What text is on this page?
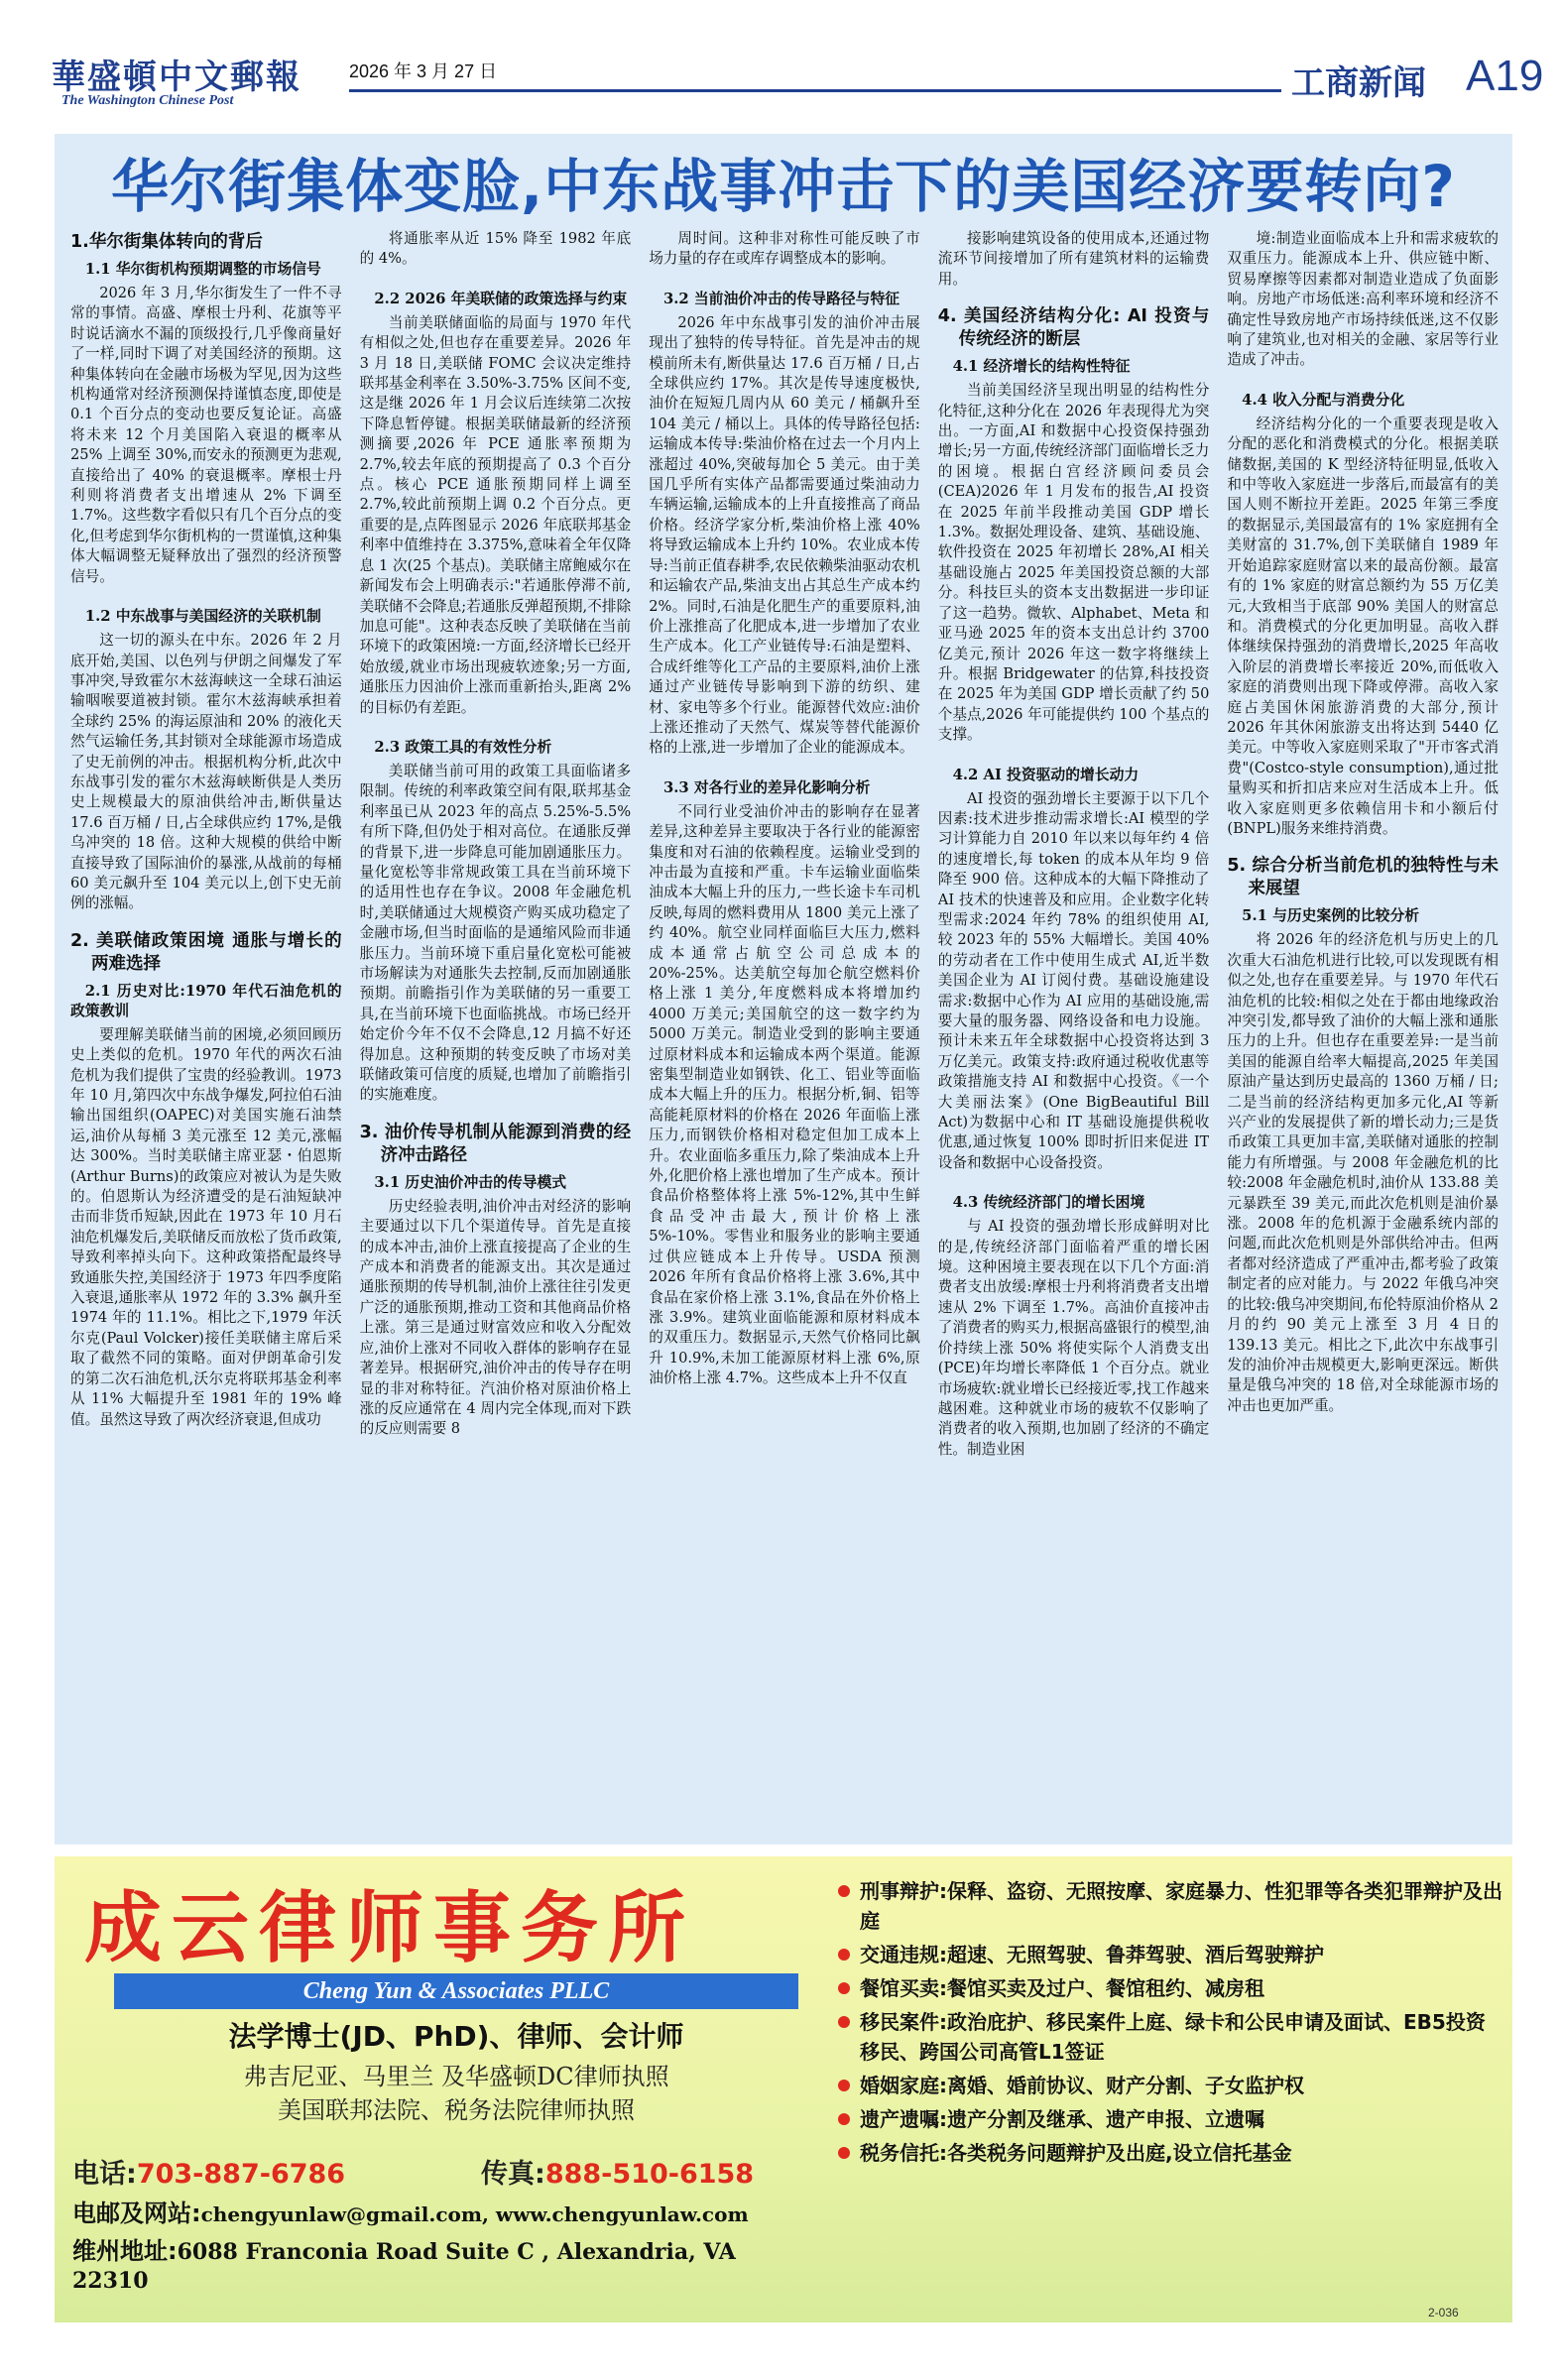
華盛頓中文郵報
The Washington Chinese Post
2026 年 3 月 27 日	工商新闻 A19
华尔街集体变脸,中东战事冲击下的美国经济要转向?
1.华尔街集体转向的背后
1.1 华尔街机构预期调整的市场信号

2026 年 3 月,华尔街发生了一件不寻常的事情。高盛、摩根士丹利、花旗等平时说话滴水不漏的顶级投行,几乎像商量好了一样,同时下调了对美国经济的预期。这种集体转向在金融市场极为罕见,因为这些机构通常对经济预测保持谨慎态度,即使是 0.1 个百分点的变动也要反复论证。高盛将未来 12 个月美国陷入衰退的概率从 25% 上调至 30%,而安永的预测更为悲观,直接给出了 40% 的衰退概率。摩根士丹利则将消费者支出增速从 2% 下调至 1.7%。这些数字看似只有几个百分点的变化,但考虑到华尔街机构的一贯谨慎,这种集体大幅调整无疑释放出了强烈的经济预警信号。

1.2 中东战事与美国经济的关联机制

这一切的源头在中东。2026 年 2 月底开始,美国、以色列与伊朗之间爆发了军事冲突,导致霍尔木兹海峡这一全球石油运输咽喉要道被封锁。霍尔木兹海峡承担着全球约 25% 的海运原油和 20% 的液化天然气运输任务,其封锁对全球能源市场造成了史无前例的冲击。根据机构分析,此次中东战事引发的霍尔木兹海峡断供是人类历史上规模最大的原油供给冲击,断供量达 17.6 百万桶 / 日,占全球供应约 17%,是俄乌冲突的 18 倍。这种大规模的供给中断直接导致了国际油价的暴涨,从战前的每桶 60 美元飙升至 104 美元以上,创下史无前例的涨幅。

2. 美联储政策困境 通胀与增长的两难选择
2.1 历史对比:1970 年代石油危机的政策教训

要理解美联储当前的困境,必须回顾历史上类似的危机。1970 年代的两次石油危机为我们提供了宝贵的经验教训。1973 年 10 月,第四次中东战争爆发,阿拉伯石油输出国组织(OAPEC)对美国实施石油禁运,油价从每桶 3 美元涨至 12 美元,涨幅达 300%。当时美联储主席亚瑟・伯恩斯(Arthur Burns)的政策应对被认为是失败的。伯恩斯认为经济遭受的是石油短缺冲击而非货币短缺,因此在 1973 年 10 月石油危机爆发后,美联储反而放松了货币政策,导致利率掉头向下。这种政策搭配最终导致通胀失控,美国经济于 1973 年四季度陷入衰退,通胀率从 1972 年的 3.3% 飙升至 1974 年的 11.1%。相比之下,1979 年沃尔克(Paul Volcker)接任美联储主席后采取了截然不同的策略。面对伊朗革命引发的第二次石油危机,沃尔克将联邦基金利率从 11% 大幅提升至 1981 年的 19% 峰值。虽然这导致了两次经济衰退,但成功

将通胀率从近 15% 降至 1982 年底的 4%。

2.2 2026 年美联储的政策选择与约束

当前美联储面临的局面与 1970 年代有相似之处,但也存在重要差异。2026 年 3 月 18 日,美联储 FOMC 会议决定维持联邦基金利率在 3.50%-3.75% 区间不变,这是继 2026 年 1 月会议后连续第二次按下降息暂停键。根据美联储最新的经济预测摘要,2026 年 PCE 通胀率预期为 2.7%,较去年底的预期提高了 0.3 个百分点。核心 PCE 通胀预期同样上调至 2.7%,较此前预期上调 0.2 个百分点。更重要的是,点阵图显示 2026 年底联邦基金利率中值维持在 3.375%,意味着全年仅降息 1 次(25 个基点)。美联储主席鲍威尔在新闻发布会上明确表示:"若通胀停滞不前,美联储不会降息;若通胀反弹超预期,不排除加息可能"。这种表态反映了美联储在当前环境下的政策困境:一方面,经济增长已经开始放缓,就业市场出现疲软迹象;另一方面,通胀压力因油价上涨而重新抬头,距离 2% 的目标仍有差距。

2.3 政策工具的有效性分析

美联储当前可用的政策工具面临诸多限制。传统的利率政策空间有限,联邦基金利率虽已从 2023 年的高点 5.25%-5.5% 有所下降,但仍处于相对高位。在通胀反弹的背景下,进一步降息可能加剧通胀压力。量化宽松等非常规政策工具在当前环境下的适用性也存在争议。2008 年金融危机时,美联储通过大规模资产购买成功稳定了金融市场,但当时面临的是通缩风险而非通胀压力。当前环境下重启量化宽松可能被市场解读为对通胀失去控制,反而加剧通胀预期。前瞻指引作为美联储的另一重要工具,在当前环境下也面临挑战。市场已经开始定价今年不仅不会降息,12 月搞不好还得加息。这种预期的转变反映了市场对美联储政策可信度的质疑,也增加了前瞻指引的实施难度。

3. 油价传导机制从能源到消费的经济冲击路径
3.1 历史油价冲击的传导模式

历史经验表明,油价冲击对经济的影响主要通过以下几个渠道传导。首先是直接的成本冲击,油价上涨直接提高了企业的生产成本和消费者的能源支出。其次是通过通胀预期的传导机制,油价上涨往往引发更广泛的通胀预期,推动工资和其他商品价格上涨。第三是通过财富效应和收入分配效应,油价上涨对不同收入群体的影响存在显著差异。根据研究,油价冲击的传导存在明显的非对称特征。汽油价格对原油价格上涨的反应通常在 4 周内完全体现,而对下跌的反应则需要 8

周时间。这种非对称性可能反映了市场力量的存在或库存调整成本的影响。

3.2 当前油价冲击的传导路径与特征

2026 年中东战事引发的油价冲击展现出了独特的传导特征。首先是冲击的规模前所未有,断供量达 17.6 百万桶 / 日,占全球供应约 17%。其次是传导速度极快,油价在短短几周内从 60 美元 / 桶飙升至 104 美元 / 桶以上。具体的传导路径包括:运输成本传导:柴油价格在过去一个月内上涨超过 40%,突破每加仑 5 美元。由于美国几乎所有实体产品都需要通过柴油动力车辆运输,运输成本的上升直接推高了商品价格。经济学家分析,柴油价格上涨 40% 将导致运输成本上升约 10%。农业成本传导:当前正值春耕季,农民依赖柴油驱动农机和运输农产品,柴油支出占其总生产成本约 2%。同时,石油是化肥生产的重要原料,油价上涨推高了化肥成本,进一步增加了农业生产成本。化工产业链传导:石油是塑料、合成纤维等化工产品的主要原料,油价上涨通过产业链传导影响到下游的纺织、建材、家电等多个行业。能源替代效应:油价上涨还推动了天然气、煤炭等替代能源价格的上涨,进一步增加了企业的能源成本。

3.3 对各行业的差异化影响分析

不同行业受油价冲击的影响存在显著差异,这种差异主要取决于各行业的能源密集度和对石油的依赖程度。运输业受到的冲击最为直接和严重。卡车运输业面临柴油成本大幅上升的压力,一些长途卡车司机反映,每周的燃料费用从 1800 美元上涨了约 40%。航空业同样面临巨大压力,燃料成本通常占航空公司总成本的 20%-25%。达美航空每加仑航空燃料价格上涨 1 美分,年度燃料成本将增加约 4000 万美元;美国航空的这一数字约为 5000 万美元。制造业受到的影响主要通过原材料成本和运输成本两个渠道。能源密集型制造业如钢铁、化工、铝业等面临成本大幅上升的压力。根据分析,铜、铝等高能耗原材料的价格在 2026 年面临上涨压力,而钢铁价格相对稳定但加工成本上升。农业面临多重压力,除了柴油成本上升外,化肥价格上涨也增加了生产成本。预计食品价格整体将上涨 5%-12%,其中生鲜食品受冲击最大,预计价格上涨 5%-10%。零售业和服务业的影响主要通过供应链成本上升传导。USDA 预测 2026 年所有食品价格将上涨 3.6%,其中食品在家价格上涨 3.1%,食品在外价格上涨 3.9%。建筑业面临能源和原材料成本的双重压力。数据显示,天然气价格同比飙升 10.9%,未加工能源原材料上涨 6%,原油价格上涨 4.7%。这些成本上升不仅直

接影响建筑设备的使用成本,还通过物流环节间接增加了所有建筑材料的运输费用。

4. 美国经济结构分化: AI 投资与传统经济的断层
4.1 经济增长的结构性特征

当前美国经济呈现出明显的结构性分化特征,这种分化在 2026 年表现得尤为突出。一方面,AI 和数据中心投资保持强劲增长;另一方面,传统经济部门面临增长乏力的困境。根据白宫经济顾问委员会(CEA)2026 年 1 月发布的报告,AI 投资在 2025 年前半段推动美国 GDP 增长 1.3%。数据处理设备、建筑、基础设施、软件投资在 2025 年初增长 28%,AI 相关基础设施占 2025 年美国投资总额的大部分。科技巨头的资本支出数据进一步印证了这一趋势。微软、Alphabet、Meta 和亚马逊 2025 年的资本支出总计约 3700 亿美元,预计 2026 年这一数字将继续上升。根据 Bridgewater 的估算,科技投资在 2025 年为美国 GDP 增长贡献了约 50 个基点,2026 年可能提供约 100 个基点的支撑。

4.2 AI 投资驱动的增长动力

AI 投资的强劲增长主要源于以下几个因素:技术进步推动需求增长:AI 模型的学习计算能力自 2010 年以来以每年约 4 倍的速度增长,每 token 的成本从年均 9 倍降至 900 倍。这种成本的大幅下降推动了 AI 技术的快速普及和应用。企业数字化转型需求:2024 年约 78% 的组织使用 AI,较 2023 年的 55% 大幅增长。美国 40% 的劳动者在工作中使用生成式 AI,近半数美国企业为 AI 订阅付费。基础设施建设需求:数据中心作为 AI 应用的基础设施,需要大量的服务器、网络设备和电力设施。预计未来五年全球数据中心投资将达到 3 万亿美元。政策支持:政府通过税收优惠等政策措施支持 AI 和数据中心投资。《一个大美丽法案》(One BigBeautiful Bill Act)为数据中心和 IT 基础设施提供税收优惠,通过恢复 100% 即时折旧来促进 IT 设备和数据中心设备投资。

4.3 传统经济部门的增长困境

与 AI 投资的强劲增长形成鲜明对比的是,传统经济部门面临着严重的增长困境。这种困境主要表现在以下几个方面:消费者支出放缓:摩根士丹利将消费者支出增速从 2% 下调至 1.7%。高油价直接冲击了消费者的购买力,根据高盛银行的模型,油价持续上涨 50% 将使实际个人消费支出(PCE)年均增长率降低 1 个百分点。就业市场疲软:就业增长已经接近零,找工作越来越困难。这种就业市场的疲软不仅影响了消费者的收入预期,也加剧了经济的不确定性。制造业困

境:制造业面临成本上升和需求疲软的双重压力。能源成本上升、供应链中断、贸易摩擦等因素都对制造业造成了负面影响。房地产市场低迷:高利率环境和经济不确定性导致房地产市场持续低迷,这不仅影响了建筑业,也对相关的金融、家居等行业造成了冲击。

4.4 收入分配与消费分化

经济结构分化的一个重要表现是收入分配的恶化和消费模式的分化。根据美联储数据,美国的 K 型经济特征明显,低收入和中等收入家庭进一步落后,而最富有的美国人则不断拉开差距。2025 年第三季度的数据显示,美国最富有的 1% 家庭拥有全美财富的 31.7%,创下美联储自 1989 年开始追踪家庭财富以来的最高份额。最富有的 1% 家庭的财富总额约为 55 万亿美元,大致相当于底部 90% 美国人的财富总和。消费模式的分化更加明显。高收入群体继续保持强劲的消费增长,2025 年高收入阶层的消费增长率接近 20%,而低收入家庭的消费则出现下降或停滞。高收入家庭占美国休闲旅游消费的大部分,预计 2026 年其休闲旅游支出将达到 5440 亿美元。中等收入家庭则采取了"开市客式消费"(Costco-style consumption),通过批量购买和折扣店来应对生活成本上升。低收入家庭则更多依赖信用卡和小额后付(BNPL)服务来维持消费。

5. 综合分析当前危机的独特性与未来展望
5.1 与历史案例的比较分析

将 2026 年的经济危机与历史上的几次重大石油危机进行比较,可以发现既有相似之处,也存在重要差异。与 1970 年代石油危机的比较:相似之处在于都由地缘政治冲突引发,都导致了油价的大幅上涨和通胀压力的上升。但也存在重要差异:一是当前美国的能源自给率大幅提高,2025 年美国原油产量达到历史最高的 1360 万桶 / 日;二是当前的经济结构更加多元化,AI 等新兴产业的发展提供了新的增长动力;三是货币政策工具更加丰富,美联储对通胀的控制能力有所增强。与 2008 年金融危机的比较:2008 年金融危机时,油价从 133.88 美元暴跌至 39 美元,而此次危机则是油价暴涨。2008 年的危机源于金融系统内部的问题,而此次危机则是外部供给冲击。但两者都对经济造成了严重冲击,都考验了政策制定者的应对能力。与 2022 年俄乌冲突的比较:俄乌冲突期间,布伦特原油价格从 2 月的约 90 美元上涨至 3 月 4 日的 139.13 美元。相比之下,此次中东战事引发的油价冲击规模更大,影响更深远。断供量是俄乌冲突的 18 倍,对全球能源市场的冲击也更加严重。

成云律师事务所
Cheng Yun & Associates PLLC
法学博士(JD、PhD)、律师、会计师
弗吉尼亚、马里兰 及华盛顿DC律师执照
美国联邦法院、税务法院律师执照
电话:703-887-6786	传真:888-510-6158
电邮及网站:chengyunlaw@gmail.com, www.chengyunlaw.com
维州地址:6088 Franconia Road Suite C , Alexandria, VA 22310
刑事辩护:保释、盗窃、无照按摩、家庭暴力、性犯罪等各类犯罪辩护及出庭
交通违规:超速、无照驾驶、鲁莽驾驶、酒后驾驶辩护
餐馆买卖:餐馆买卖及过户、餐馆租约、减房租
移民案件:政治庇护、移民案件上庭、绿卡和公民申请及面试、EB5投资移民、跨国公司高管L1签证
婚姻家庭:离婚、婚前协议、财产分割、子女监护权
遗产遗嘱:遗产分割及继承、遗产申报、立遗嘱
税务信托:各类税务问题辩护及出庭,设立信托基金
2-036
